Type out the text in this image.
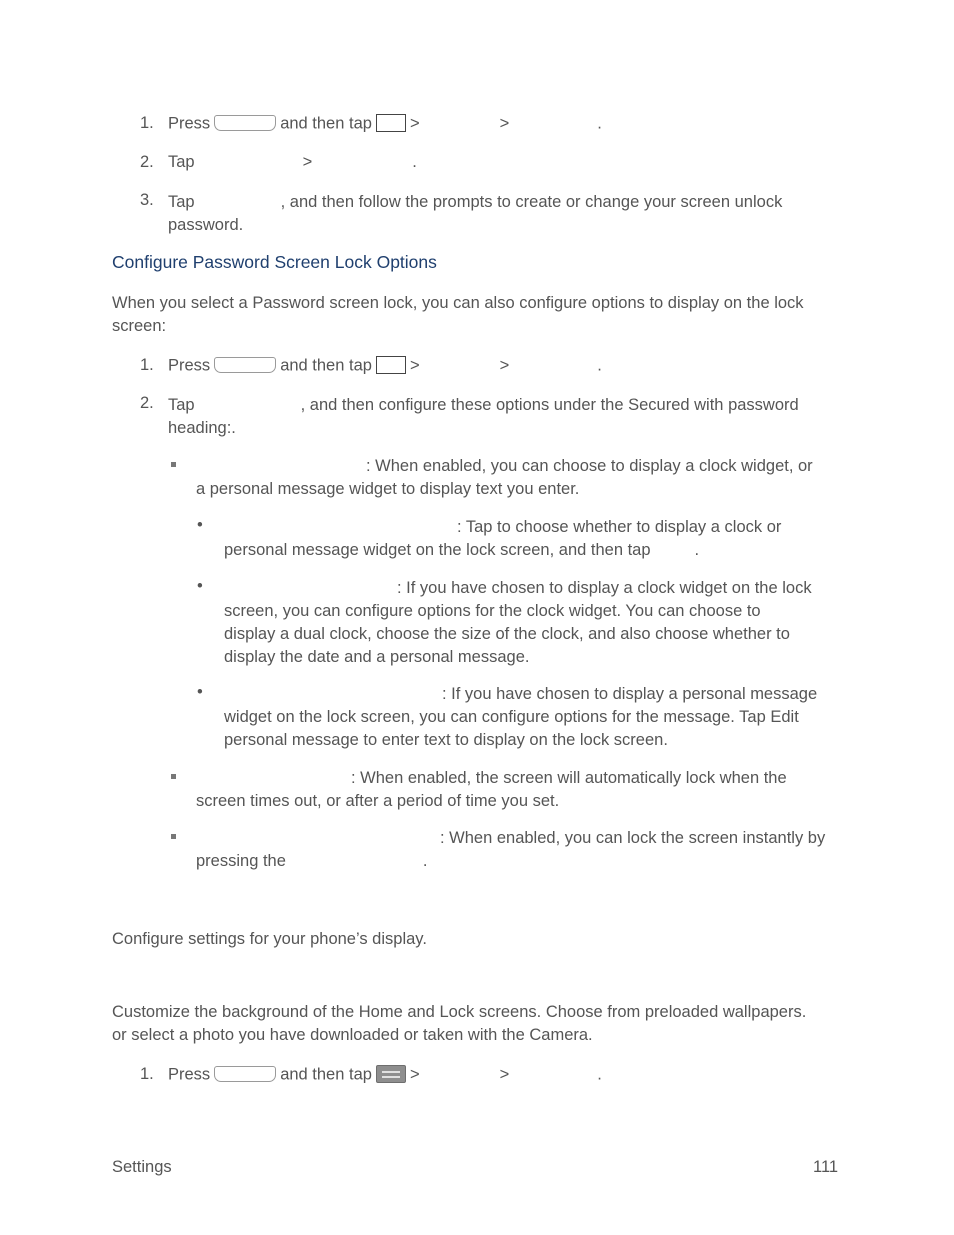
1. Press	and then tap >	>	.
2. Tap	>	.
3. Tap	, and then follow the prompts to create or change your screen unlock
password.
Configure Password Screen Lock Options
When you select a Password screen lock, you can also configure options to display on the lock
screen:
1. Press	and then tap >	>	.
2. Tap	, and then configure these options under the Secured with password
heading:.
: When enabled, you can choose to display a clock widget, or
a personal message widget to display text you enter.
•	: Tap to choose whether to display a clock or
personal message widget on the lock screen, and then tap	.
•	: If you have chosen to display a clock widget on the lock
screen, you can configure options for the clock widget. You can choose to
display a dual clock, choose the size of the clock, and also choose whether to
display the date and a personal message.
•	: If you have chosen to display a personal message
widget on the lock screen, you can configure options for the message. Tap Edit
personal message to enter text to display on the lock screen.
: When enabled, the screen will automatically lock when the
screen times out, or after a period of time you set.
: When enabled, you can lock the screen instantly by
pressing the	.
Configure settings for your phone’s display.
Customize the background of the Home and Lock screens. Choose from preloaded wallpapers.
or select a photo you have downloaded or taken with the Camera.
1. Press	and then tap >	>	.
Settings	111
